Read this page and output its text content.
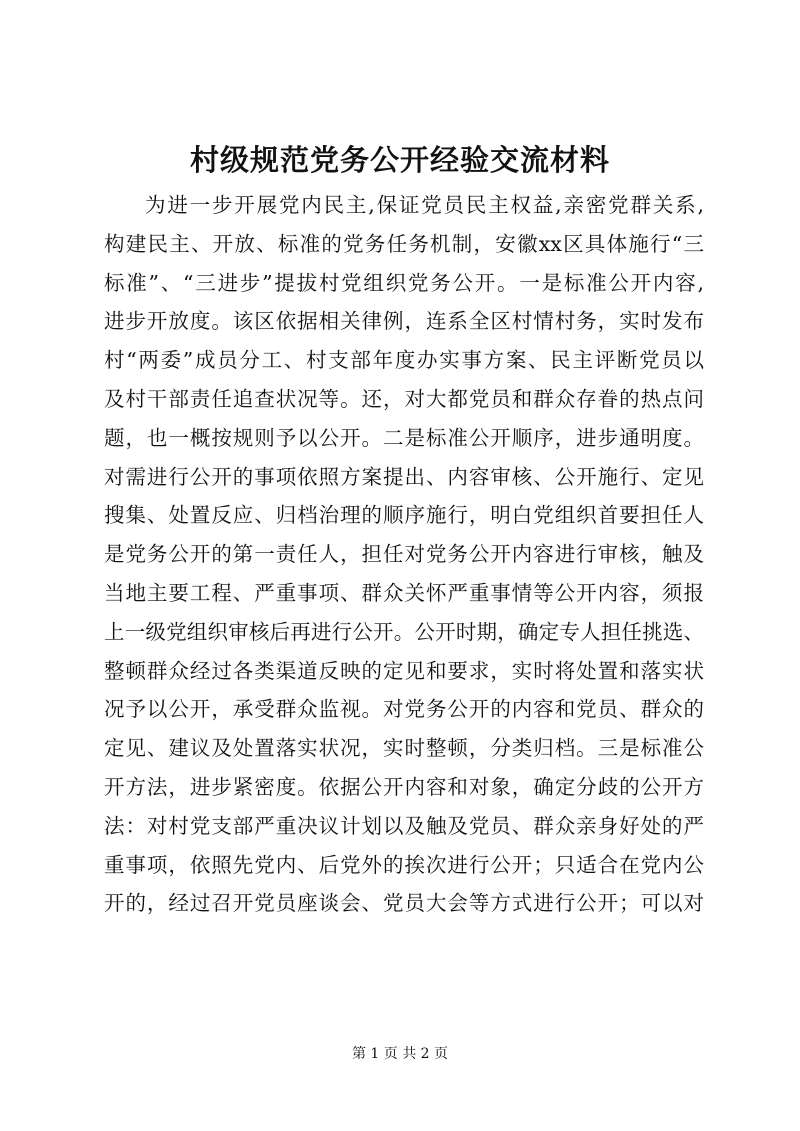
村级规范党务公开经验交流材料
为进一步开展党内民主,保证党员民主权益,亲密党群关系,
构建民主、开放、标准的党务任务机制，安徽xx区具体施行“三
标准”、“三进步”提拔村党组织党务公开。一是标准公开内容,
进步开放度。该区依据相关律例，连系全区村情村务，实时发布
村“两委”成员分工、村支部年度办实事方案、民主评断党员以
及村干部责任追查状况等。还，对大都党员和群众存眷的热点问
题，也一概按规则予以公开。二是标准公开顺序，进步通明度。
对需进行公开的事项依照方案提出、内容审核、公开施行、定见
搜集、处置反应、归档治理的顺序施行，明白党组织首要担任人
是党务公开的第一责任人，担任对党务公开内容进行审核，触及
当地主要工程、严重事项、群众关怀严重事情等公开内容，须报
上一级党组织审核后再进行公开。公开时期，确定专人担任挑选、
整顿群众经过各类渠道反映的定见和要求，实时将处置和落实状
况予以公开，承受群众监视。对党务公开的内容和党员、群众的
定见、建议及处置落实状况，实时整顿，分类归档。三是标准公
开方法，进步紧密度。依据公开内容和对象，确定分歧的公开方
法：对村党支部严重决议计划以及触及党员、群众亲身好处的严
重事项，依照先党内、后党外的挨次进行公开；只适合在党内公
开的，经过召开党员座谈会、党员大会等方式进行公开；可以对
第 1 页 共 2 页
